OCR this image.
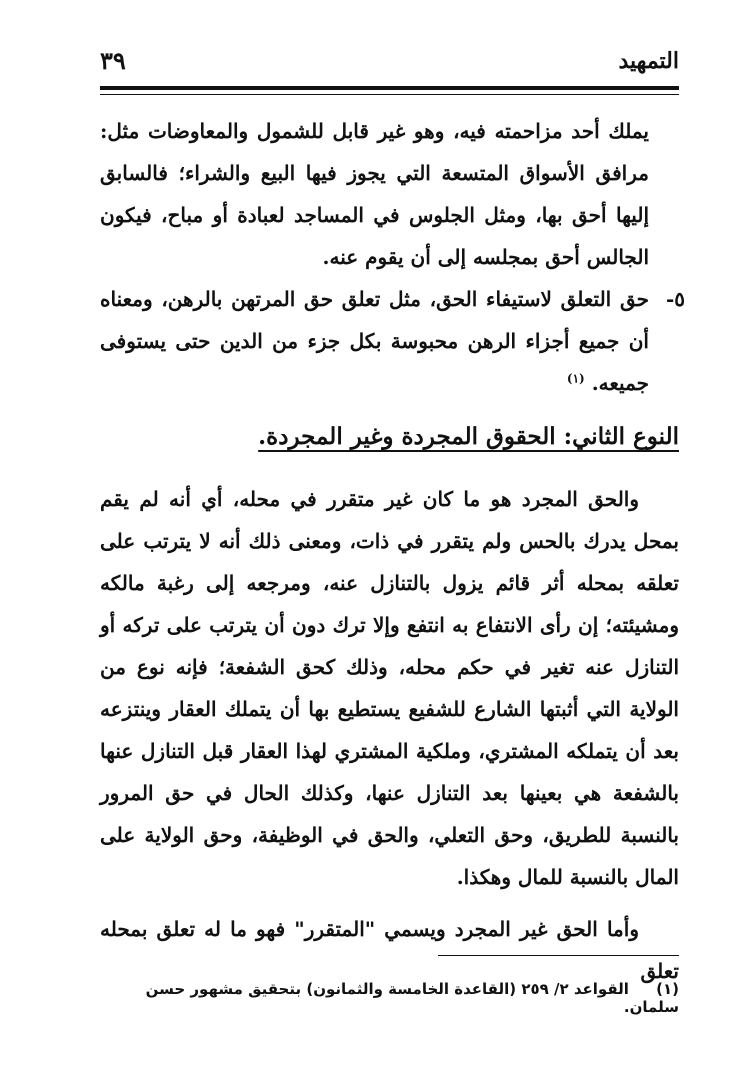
التمهيد
٣٩
يملك أحد مزاحمته فيه، وهو غير قابل للشمول والمعاوضات مثل: مرافق الأسواق المتسعة التي يجوز فيها البيع والشراء؛ فالسابق إليها أحق بها، ومثل الجلوس في المساجد لعبادة أو مباح، فيكون الجالس أحق بمجلسه إلى أن يقوم عنه.
٥-
حق التعلق لاستيفاء الحق، مثل تعلق حق المرتهن بالرهن، ومعناه أن جميع أجزاء الرهن محبوسة بكل جزء من الدين حتى يستوفى جميعه. $^{(١)}$
النوع الثاني: الحقوق المجردة وغير المجردة.
والحق المجرد هو ما كان غير متقرر في محله، أي أنه لم يقم بمحل يدرك بالحس ولم يتقرر في ذات، ومعنى ذلك أنه لا يترتب على تعلقه بمحله أثر قائم يزول بالتنازل عنه، ومرجعه إلى رغبة مالكه ومشيئته؛ إن رأى الانتفاع به انتفع وإلا ترك دون أن يترتب على تركه أو التنازل عنه تغير في حكم محله، وذلك كحق الشفعة؛ فإنه نوع من الولاية التي أثبتها الشارع للشفيع يستطيع بها أن يتملك العقار وينتزعه بعد أن يتملكه المشتري، وملكية المشتري لهذا العقار قبل التنازل عنها بالشفعة هي بعينها بعد التنازل عنها، وكذلك الحال في حق المرور بالنسبة للطريق، وحق التعلي، والحق في الوظيفة، وحق الولاية على المال بالنسبة للمال وهكذا.
وأما الحق غير المجرد ويسمي "المتقرر" فهو ما له تعلق بمحله تعلق
(١) القواعد ٢/ ٢٥٩ (القاعدة الخامسة والثمانون) بتحقيق مشهور حسن سلمان.
